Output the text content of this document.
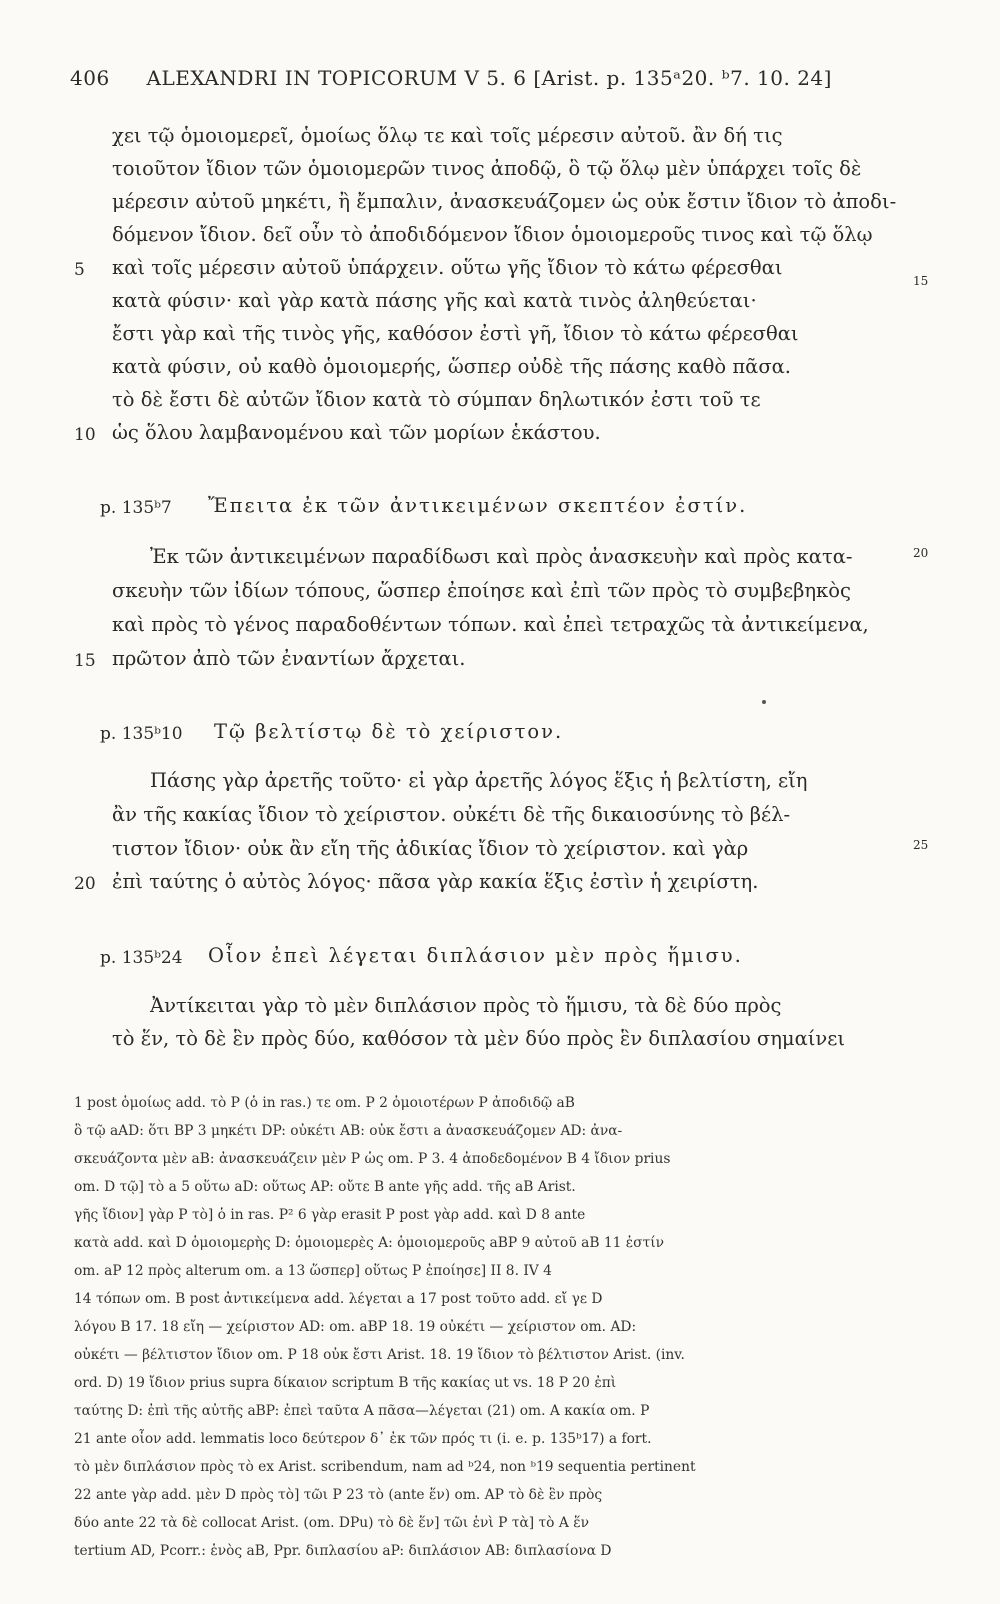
406 ALEXANDRI IN TOPICORUM V 5. 6 [Arist. p. 135ᵃ20. ᵇ7. 10. 24]
χει τῷ ὁμοιομερεῖ, ὁμοίως ὅλῳ τε καὶ τοῖς μέρεσιν αὐτοῦ. ἂν δή τις
τοιοῦτον ἴδιον τῶν ὁμοιομερῶν τινος ἀποδῷ, ὃ τῷ ὅλῳ μὲν ὑπάρχει τοῖς δὲ
μέρεσιν αὐτοῦ μηκέτι, ἢ ἔμπαλιν, ἀνασκευάζομεν ὡς οὐκ ἔστιν ἴδιον τὸ ἀποδι-
δόμενον ἴδιον. δεῖ οὖν τὸ ἀποδιδόμενον ἴδιον ὁμοιομεροῦς τινος καὶ τῷ ὅλῳ
καὶ τοῖς μέρεσιν αὐτοῦ ὑπάρχειν. οὕτω γῆς ἴδιον τὸ κάτω φέρεσθαι
κατὰ φύσιν· καὶ γὰρ κατὰ πάσης γῆς καὶ κατὰ τινὸς ἀληθεύεται·
ἔστι γὰρ καὶ τῆς τινὸς γῆς, καθόσον ἐστὶ γῆ, ἴδιον τὸ κάτω φέρεσθαι
κατὰ φύσιν, οὐ καθὸ ὁμοιομερής, ὥσπερ οὐδὲ τῆς πάσης καθὸ πᾶσα.
τὸ δὲ ἔστι δὲ αὐτῶν ἴδιον κατὰ τὸ σύμπαν δηλωτικόν ἐστι τοῦ τε
ὡς ὅλου λαμβανομένου καὶ τῶν μορίων ἑκάστου.
p. 135ᵇ7 Ἔπειτα ἐκ τῶν ἀντικειμένων σκεπτέον ἐστίν.
Ἐκ τῶν ἀντικειμένων παραδίδωσι καὶ πρὸς ἀνασκευὴν καὶ πρὸς κατα-
σκευὴν τῶν ἰδίων τόπους, ὥσπερ ἐποίησε καὶ ἐπὶ τῶν πρὸς τὸ συμβεβηκὸς
καὶ πρὸς τὸ γένος παραδοθέντων τόπων. καὶ ἐπεὶ τετραχῶς τὰ ἀντικείμενα,
πρῶτον ἀπὸ τῶν ἐναντίων ἄρχεται.
p. 135ᵇ10 Τῷ βελτίστῳ δὲ τὸ χείριστον.
Πάσης γὰρ ἀρετῆς τοῦτο· εἰ γὰρ ἀρετῆς λόγος ἕξις ἡ βελτίστη, εἴη
ἂν τῆς κακίας ἴδιον τὸ χείριστον. οὐκέτι δὲ τῆς δικαιοσύνης τὸ βέλ-
τιστον ἴδιον· οὐκ ἂν εἴη τῆς ἀδικίας ἴδιον τὸ χείριστον. καὶ γὰρ
ἐπὶ ταύτης ὁ αὐτὸς λόγος· πᾶσα γὰρ κακία ἕξις ἐστὶν ἡ χειρίστη.
p. 135ᵇ24 Οἷον ἐπεὶ λέγεται διπλάσιον μὲν πρὸς ἥμισυ.
Ἀντίκειται γὰρ τὸ μὲν διπλάσιον πρὸς τὸ ἥμισυ, τὰ δὲ δύο πρὸς
τὸ ἕν, τὸ δὲ ἓν πρὸς δύο, καθόσον τὰ μὲν δύο πρὸς ἓν διπλασίου σημαίνει
5
10
15
20
15
20
25
1 post ὁμοίως add. τὸ P (ὁ in ras.) τε om. P 2 ὁμοιοτέρων P ἀποδιδῷ aB
ὃ τῷ aAD: ὅτι BP 3 μηκέτι DP: οὐκέτι AB: οὐκ ἔστι a ἀνασκευάζομεν AD: ἀνα-
σκευάζοντα μὲν aB: ἀνασκευάζειν μὲν P ὡς om. P 3. 4 ἀποδεδομένον B 4 ἴδιον prius
om. D τῷ] τὸ a 5 οὕτω aD: οὕτως AP: οὔτε B ante γῆς add. τῆς aB Arist.
γῆς ἴδιον] γὰρ P τὸ] ὁ in ras. P² 6 γὰρ erasit P post γὰρ add. καὶ D 8 ante
κατὰ add. καὶ D ὁμοιομερὴς D: ὁμοιομερὲς A: ὁμοιομεροῦς aBP 9 αὐτοῦ aB 11 ἐστίν
om. aP 12 πρὸς alterum om. a 13 ὥσπερ] οὕτως P ἐποίησε] II 8. IV 4
14 τόπων om. B post ἀντικείμενα add. λέγεται a 17 post τοῦτο add. εἴ γε D
λόγου B 17. 18 εἴη — χείριστον AD: om. aBP 18. 19 οὐκέτι — χείριστον om. AD:
οὐκέτι — βέλτιστον ἴδιον om. P 18 οὐκ ἔστι Arist. 18. 19 ἴδιον τὸ βέλτιστον Arist. (inv.
ord. D) 19 ἴδιον prius supra δίκαιον scriptum B τῆς κακίας ut vs. 18 P 20 ἐπὶ
ταύτης D: ἐπὶ τῆς αὐτῆς aBP: ἐπεὶ ταῦτα A πᾶσα—λέγεται (21) om. A κακία om. P
21 ante οἷον add. lemmatis loco δεύτερον δ᾽ ἐκ τῶν πρός τι (i. e. p. 135ᵇ17) a fort.
τὸ μὲν διπλάσιον πρὸς τὸ ex Arist. scribendum, nam ad ᵇ24, non ᵇ19 sequentia pertinent
22 ante γὰρ add. μὲν D πρὸς τὸ] τῶι P 23 τὸ (ante ἕν) om. AP τὸ δὲ ἓν πρὸς
δύο ante 22 τὰ δὲ collocat Arist. (om. DPu) τὸ δὲ ἕν] τῶι ἑνὶ P τὰ] τὸ A ἕν
tertium AD, Pcorr.: ἑνὸς aB, Ppr. διπλασίου aP: διπλάσιον AB: διπλασίονα D
